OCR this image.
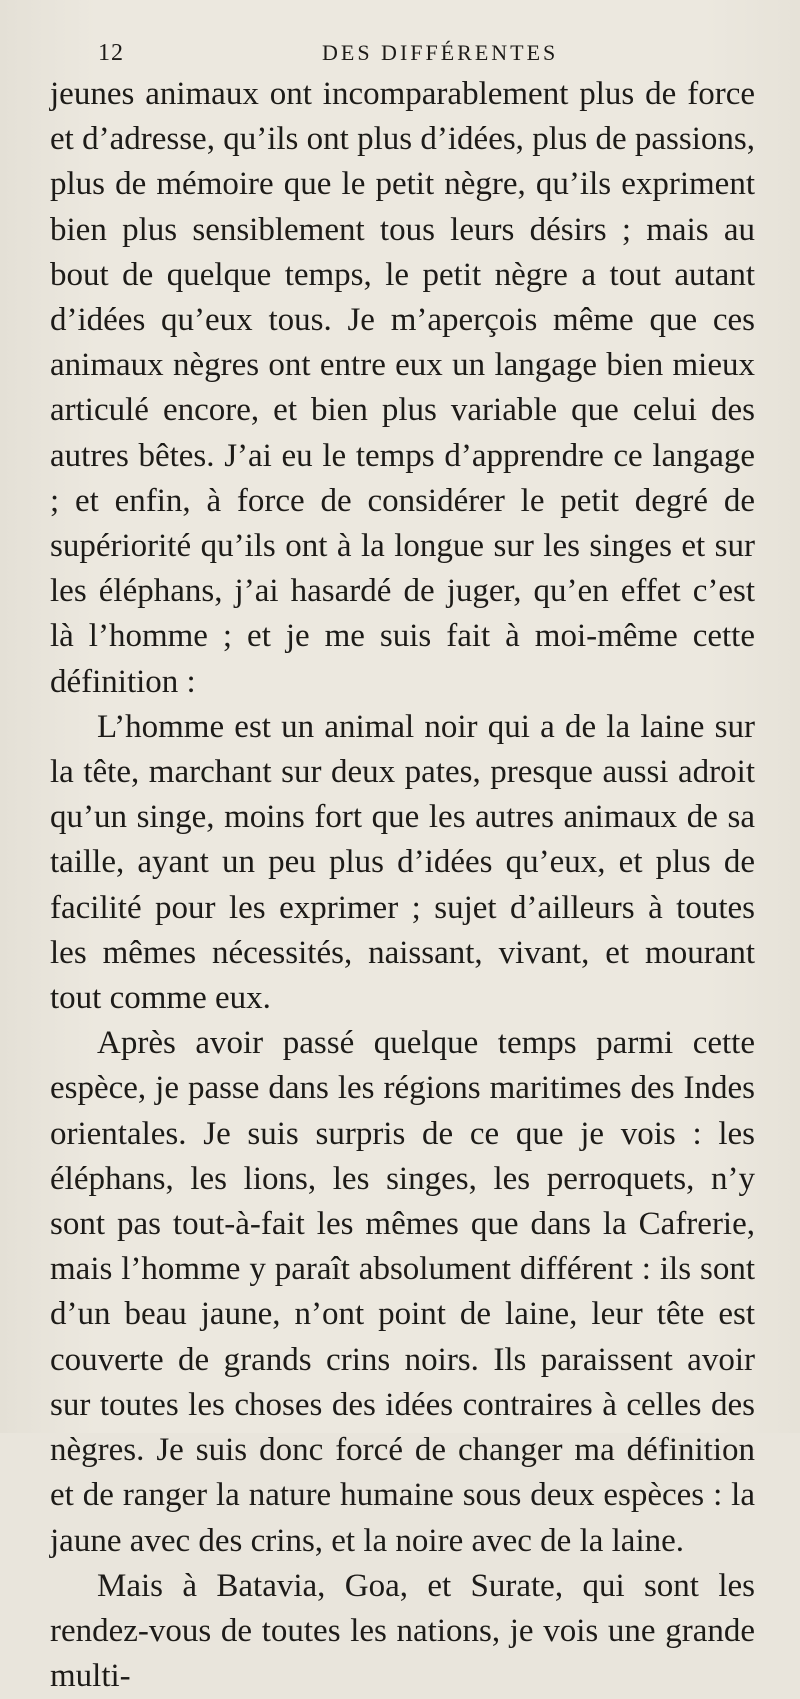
12	DES DIFFÉRENTES

jeunes animaux ont incomparablement plus de force et d’adresse, qu’ils ont plus d’idées, plus de passions, plus de mémoire que le petit nègre, qu’ils expriment bien plus sensiblement tous leurs désirs ; mais au bout de quelque temps, le petit nègre a tout autant d’idées qu’eux tous. Je m’aperçois même que ces animaux nègres ont entre eux un langage bien mieux articulé encore, et bien plus variable que celui des autres bêtes. J’ai eu le temps d’apprendre ce langage ; et enfin, à force de considérer le petit degré de supériorité qu’ils ont à la longue sur les singes et sur les éléphans, j’ai hasardé de juger, qu’en effet c’est là l’homme ; et je me suis fait à moi-même cette définition :

L’homme est un animal noir qui a de la laine sur la tête, marchant sur deux pates, presque aussi adroit qu’un singe, moins fort que les autres animaux de sa taille, ayant un peu plus d’idées qu’eux, et plus de facilité pour les exprimer ; sujet d’ailleurs à toutes les mêmes nécessités, naissant, vivant, et mourant tout comme eux.

Après avoir passé quelque temps parmi cette espèce, je passe dans les régions maritimes des Indes orientales. Je suis surpris de ce que je vois : les éléphans, les lions, les singes, les perroquets, n’y sont pas tout-à-fait les mêmes que dans la Cafrerie, mais l’homme y paraît absolument différent : ils sont d’un beau jaune, n’ont point de laine, leur tête est couverte de grands crins noirs. Ils paraissent avoir sur toutes les choses des idées contraires à celles des nègres. Je suis donc forcé de changer ma définition et de ranger la nature humaine sous deux espèces : la jaune avec des crins, et la noire avec de la laine.

Mais à Batavia, Goa, et Surate, qui sont les rendez-vous de toutes les nations, je vois une grande multi-
